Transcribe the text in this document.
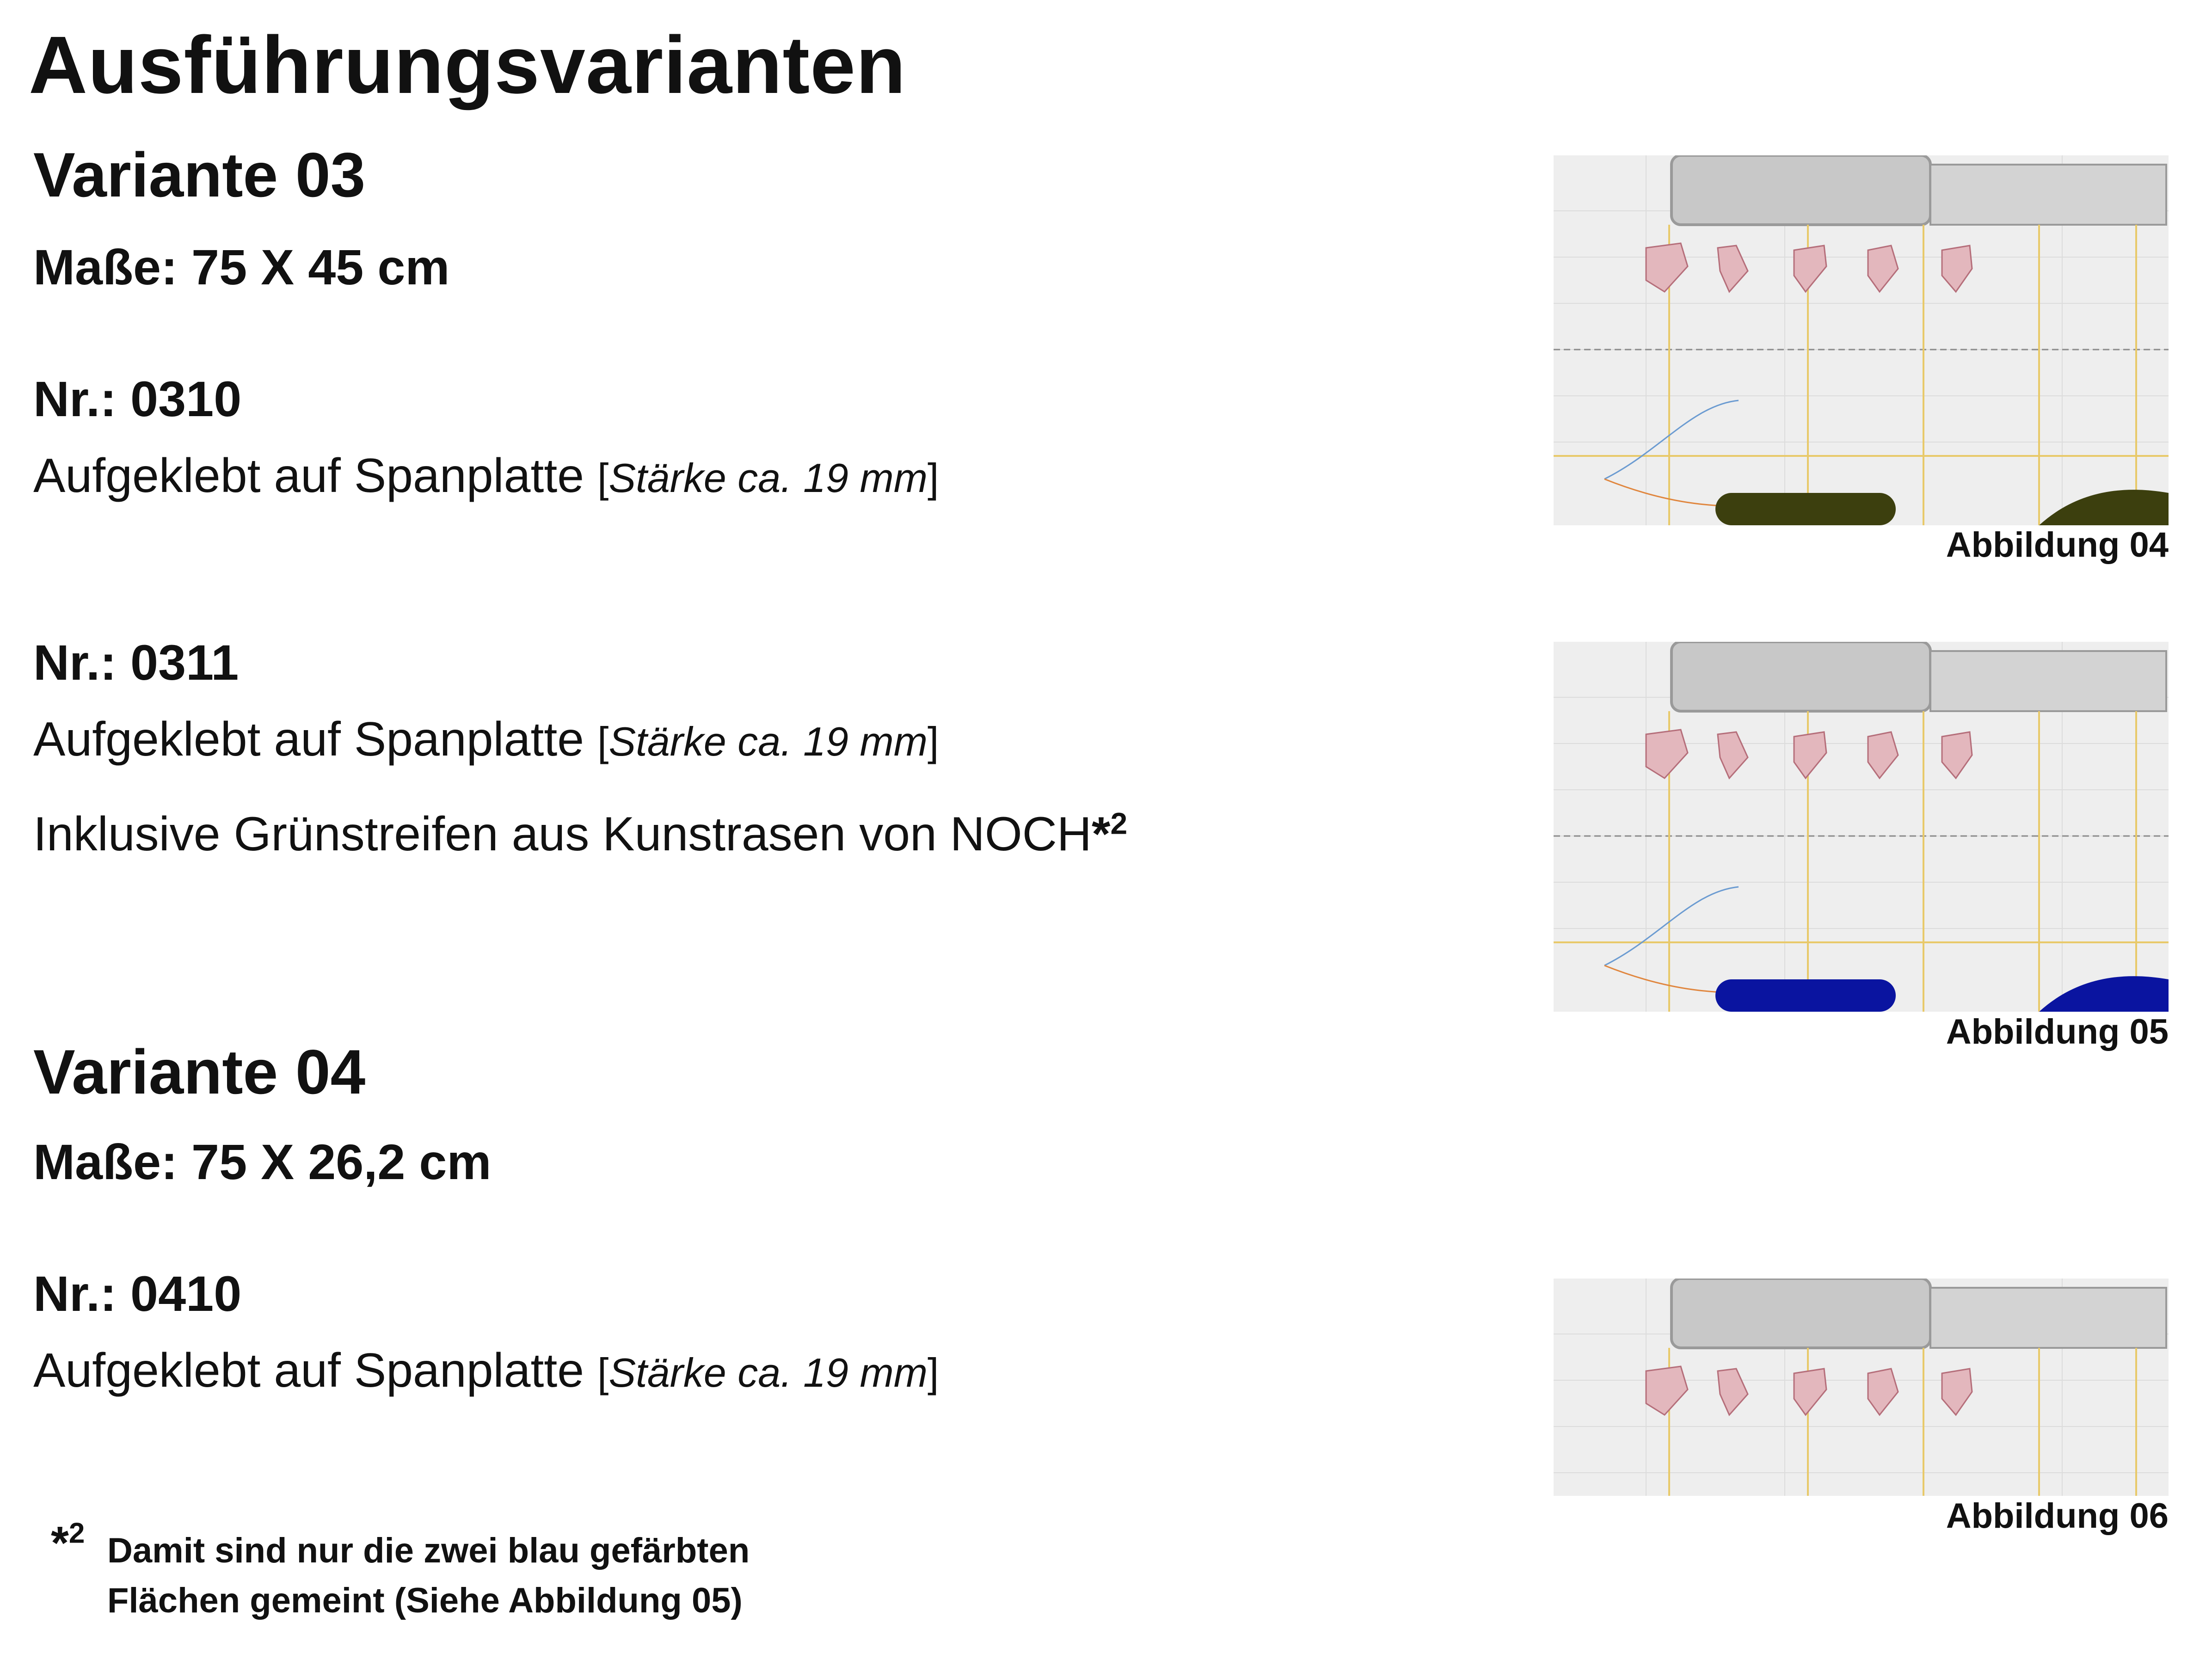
Ausführungsvarianten
Variante 03
Maße: 75 X 45 cm
Nr.: 0310
Aufgeklebt auf Spanplatte [Stärke ca. 19 mm]
Nr.: 0311
Aufgeklebt auf Spanplatte [Stärke ca. 19 mm]
Inklusive Grünstreifen aus Kunstrasen von NOCH*$^2$
Variante 04
Maße: 75 X 26,2 cm
Nr.: 0410
Aufgeklebt auf Spanplatte [Stärke ca. 19 mm]
*$^2$ Damit sind nur die zwei blau gefärbten
Flächen gemeint (Siehe Abbildung 05)
Abbildung 04
Abbildung 05
Abbildung 06
